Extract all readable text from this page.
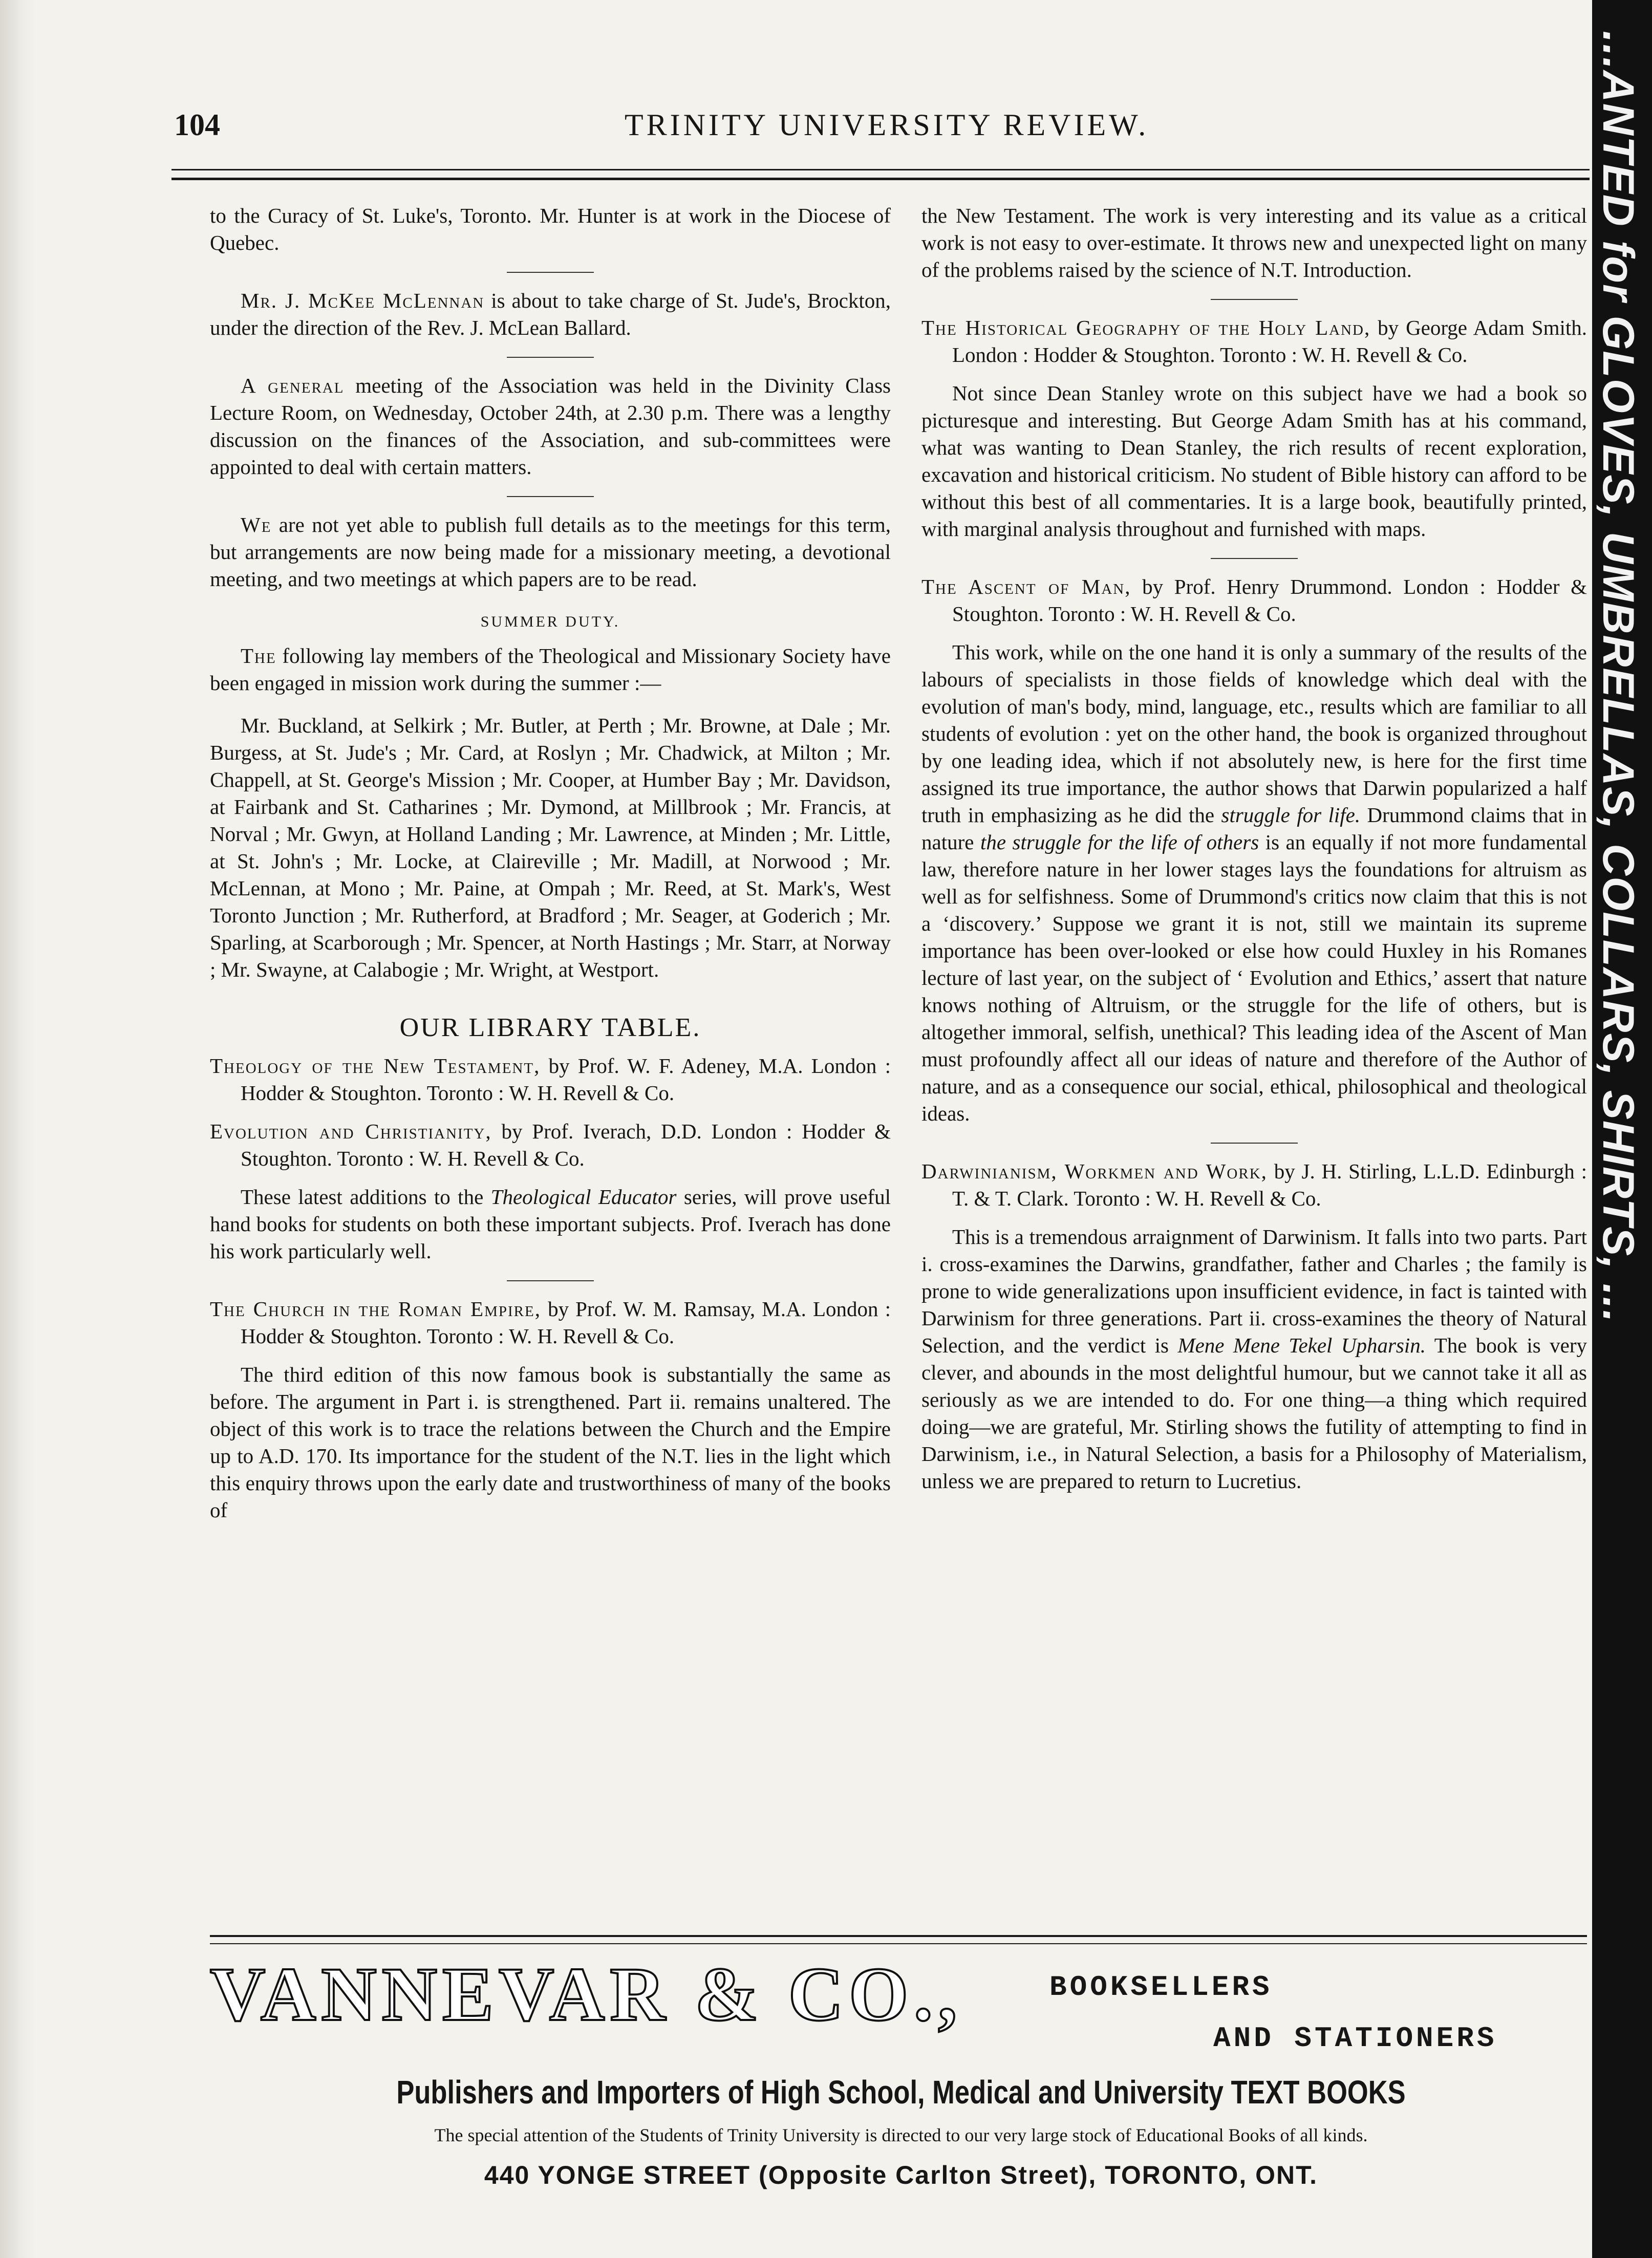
...ANTED for GLOVES, UMBRELLAS, COLLARS, SHIRTS, ...
104	TRINITY UNIVERSITY REVIEW.

to the Curacy of St. Luke's, Toronto. Mr. Hunter is at work in the Diocese of Quebec.

Mr. J. McKee McLennan is about to take charge of St. Jude's, Brockton, under the direction of the Rev. J. McLean Ballard.

A general meeting of the Association was held in the Divinity Class Lecture Room, on Wednesday, October 24th, at 2.30 p.m. There was a lengthy discussion on the finances of the Association, and sub-committees were appointed to deal with certain matters.

We are not yet able to publish full details as to the meetings for this term, but arrangements are now being made for a missionary meeting, a devotional meeting, and two meetings at which papers are to be read.

SUMMER DUTY.

The following lay members of the Theological and Missionary Society have been engaged in mission work during the summer :—

Mr. Buckland, at Selkirk ; Mr. Butler, at Perth ; Mr. Browne, at Dale ; Mr. Burgess, at St. Jude's ; Mr. Card, at Roslyn ; Mr. Chadwick, at Milton ; Mr. Chappell, at St. George's Mission ; Mr. Cooper, at Humber Bay ; Mr. Davidson, at Fairbank and St. Catharines ; Mr. Dymond, at Millbrook ; Mr. Francis, at Norval ; Mr. Gwyn, at Holland Landing ; Mr. Lawrence, at Minden ; Mr. Little, at St. John's ; Mr. Locke, at Claireville ; Mr. Madill, at Norwood ; Mr. McLennan, at Mono ; Mr. Paine, at Ompah ; Mr. Reed, at St. Mark's, West Toronto Junction ; Mr. Rutherford, at Bradford ; Mr. Seager, at Goderich ; Mr. Sparling, at Scarborough ; Mr. Spencer, at North Hastings ; Mr. Starr, at Norway ; Mr. Swayne, at Calabogie ; Mr. Wright, at Westport.

OUR LIBRARY TABLE.

Theology of the New Testament, by Prof. W. F. Adeney, M.A. London : Hodder & Stoughton. Toronto : W. H. Revell & Co.

Evolution and Christianity, by Prof. Iverach, D.D. London : Hodder & Stoughton. Toronto : W. H. Revell & Co.

These latest additions to the Theological Educator series, will prove useful hand books for students on both these important subjects. Prof. Iverach has done his work particularly well.

The Church in the Roman Empire, by Prof. W. M. Ramsay, M.A. London : Hodder & Stoughton. Toronto : W. H. Revell & Co.

The third edition of this now famous book is substantially the same as before. The argument in Part i. is strengthened. Part ii. remains unaltered. The object of this work is to trace the relations between the Church and the Empire up to A.D. 170. Its importance for the student of the N.T. lies in the light which this enquiry throws upon the early date and trustworthiness of many of the books of

the New Testament. The work is very interesting and its value as a critical work is not easy to over-estimate. It throws new and unexpected light on many of the problems raised by the science of N.T. Introduction.

The Historical Geography of the Holy Land, by George Adam Smith. London : Hodder & Stoughton. Toronto : W. H. Revell & Co.

Not since Dean Stanley wrote on this subject have we had a book so picturesque and interesting. But George Adam Smith has at his command, what was wanting to Dean Stanley, the rich results of recent exploration, excavation and historical criticism. No student of Bible history can afford to be without this best of all commentaries. It is a large book, beautifully printed, with marginal analysis throughout and furnished with maps.

The Ascent of Man, by Prof. Henry Drummond. London : Hodder & Stoughton. Toronto : W. H. Revell & Co.

This work, while on the one hand it is only a summary of the results of the labours of specialists in those fields of knowledge which deal with the evolution of man's body, mind, language, etc., results which are familiar to all students of evolution : yet on the other hand, the book is organized throughout by one leading idea, which if not absolutely new, is here for the first time assigned its true importance, the author shows that Darwin popularized a half truth in emphasizing as he did the struggle for life. Drummond claims that in nature the struggle for the life of others is an equally if not more fundamental law, therefore nature in her lower stages lays the foundations for altruism as well as for selfishness. Some of Drummond's critics now claim that this is not a ‘discovery.’ Suppose we grant it is not, still we maintain its supreme importance has been over-looked or else how could Huxley in his Romanes lecture of last year, on the subject of ‘ Evolution and Ethics,’ assert that nature knows nothing of Altruism, or the struggle for the life of others, but is altogether immoral, selfish, unethical? This leading idea of the Ascent of Man must profoundly affect all our ideas of nature and therefore of the Author of nature, and as a consequence our social, ethical, philosophical and theological ideas.

Darwinianism, Workmen and Work, by J. H. Stirling, L.L.D. Edinburgh : T. & T. Clark. Toronto : W. H. Revell & Co.

This is a tremendous arraignment of Darwinism. It falls into two parts. Part i. cross-examines the Darwins, grandfather, father and Charles ; the family is prone to wide generalizations upon insufficient evidence, in fact is tainted with Darwinism for three generations. Part ii. cross-examines the theory of Natural Selection, and the verdict is Mene Mene Tekel Upharsin. The book is very clever, and abounds in the most delightful humour, but we cannot take it all as seriously as we are intended to do. For one thing—a thing which required doing—we are grateful, Mr. Stirling shows the futility of attempting to find in Darwinism, i.e., in Natural Selection, a basis for a Philosophy of Materialism, unless we are prepared to return to Lucretius.

VANNEVAR & CO.,	BOOKSELLERS
AND STATIONERS
Publishers and Importers of High School, Medical and University TEXT BOOKS
The special attention of the Students of Trinity University is directed to our very large stock of Educational Books of all kinds.
440 YONGE STREET (Opposite Carlton Street), TORONTO, ONT.
